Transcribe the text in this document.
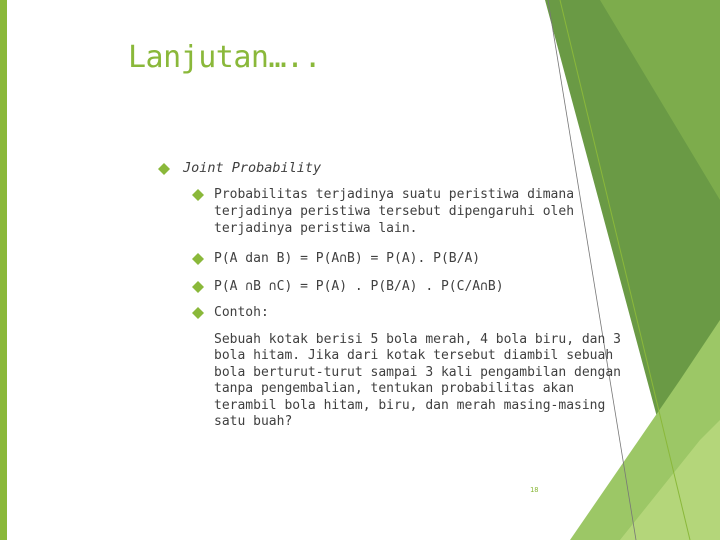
Lanjutan…..
Joint Probability
Probabilitas terjadinya suatu peristiwa dimana terjadinya peristiwa tersebut dipengaruhi oleh terjadinya peristiwa lain.
P(A dan B) = P(A∩B) = P(A). P(B/A)
P(A ∩B ∩C) = P(A) . P(B/A) . P(C/A∩B)
Contoh:
Sebuah kotak berisi 5 bola merah, 4 bola biru, dan 3 bola hitam. Jika dari kotak tersebut diambil sebuah bola berturut-turut sampai 3 kali pengambilan dengan tanpa pengembalian, tentukan probabilitas akan terambil bola hitam, biru, dan merah masing-masing satu buah?
18
